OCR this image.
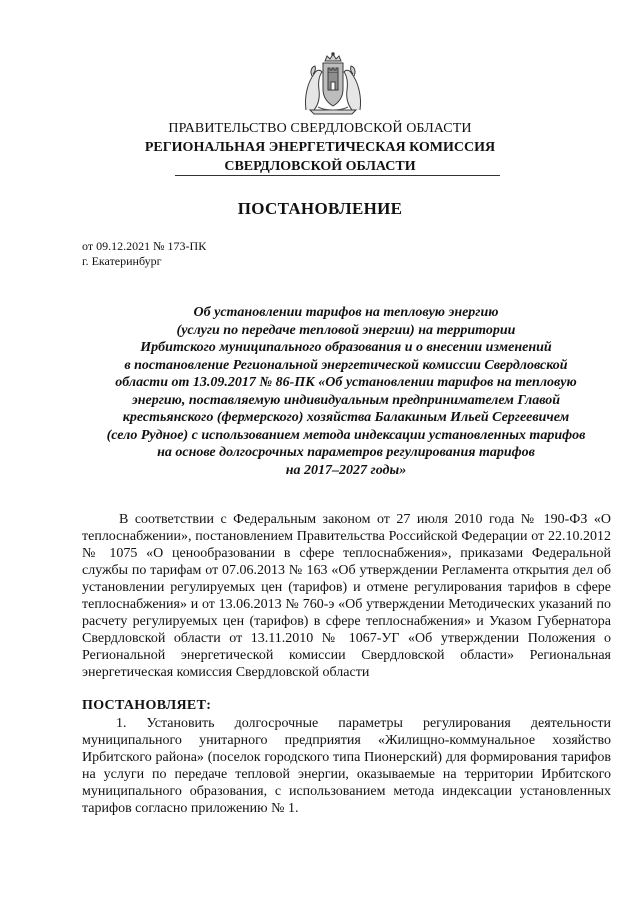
ПРАВИТЕЛЬСТВО СВЕРДЛОВСКОЙ ОБЛАСТИ
РЕГИОНАЛЬНАЯ ЭНЕРГЕТИЧЕСКАЯ КОМИССИЯ
СВЕРДЛОВСКОЙ ОБЛАСТИ
ПОСТАНОВЛЕНИЕ
от 09.12.2021 № 173-ПК
г. Екатеринбург

Об установлении тарифов на тепловую энергию
(услуги по передаче тепловой энергии) на территории
Ирбитского муниципального образования и о внесении изменений
в постановление Региональной энергетической комиссии Свердловской
области от 13.09.2017 № 86-ПК «Об установлении тарифов на тепловую
энергию, поставляемую индивидуальным предпринимателем Главой
крестьянского (фермерского) хозяйства Балакиным Ильей Сергеевичем
(село Рудное) с использованием метода индексации установленных тарифов
на основе долгосрочных параметров регулирования тарифов
на 2017–2027 годы»

В соответствии с Федеральным законом от 27 июля 2010 года № 190-ФЗ «О теплоснабжении», постановлением Правительства Российской Федерации от 22.10.2012 № 1075 «О ценообразовании в сфере теплоснабжения», приказами Федеральной службы по тарифам от 07.06.2013 № 163 «Об утверждении Регламента открытия дел об установлении регулируемых цен (тарифов) и отмене регулирования тарифов в сфере теплоснабжения» и от 13.06.2013 № 760-э «Об утверждении Методических указаний по расчету регулируемых цен (тарифов) в сфере теплоснабжения» и Указом Губернатора Свердловской области от 13.11.2010 № 1067-УГ «Об утверждении Положения о Региональной энергетической комиссии Свердловской области» Региональная энергетическая комиссия Свердловской области
ПОСТАНОВЛЯЕТ:
1. Установить долгосрочные параметры регулирования деятельности муниципального унитарного предприятия «Жилищно-коммунальное хозяйство Ирбитского района» (поселок городского типа Пионерский) для формирования тарифов на услуги по передаче тепловой энергии, оказываемые на территории Ирбитского муниципального образования, с использованием метода индексации установленных тарифов согласно приложению № 1.
